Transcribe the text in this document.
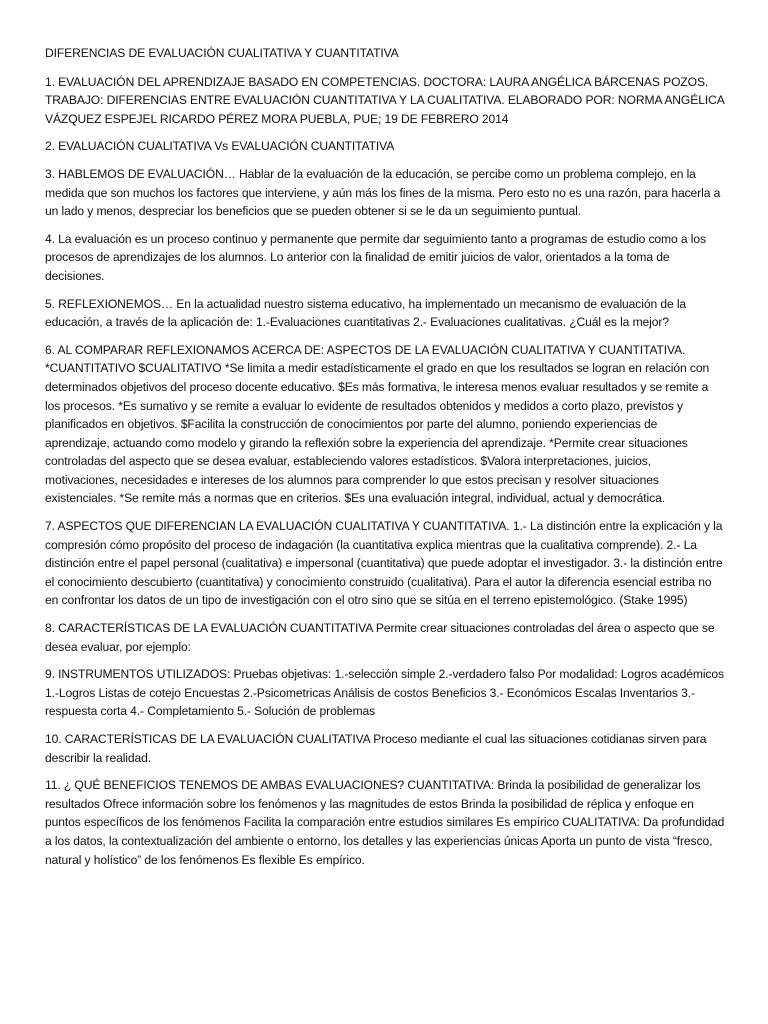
DIFERENCIAS DE EVALUACIÓN CUALITATIVA Y CUANTITATIVA

1. EVALUACIÓN DEL APRENDIZAJE BASADO EN COMPETENCIAS. DOCTORA: LAURA ANGÉLICA BÁRCENAS POZOS. TRABAJO: DIFERENCIAS ENTRE EVALUACIÓN CUANTITATIVA Y LA CUALITATIVA. ELABORADO POR: NORMA ANGÉLICA VÁZQUEZ ESPEJEL RICARDO PÉREZ MORA PUEBLA, PUE; 19 DE FEBRERO 2014

2. EVALUACIÓN CUALITATIVA Vs EVALUACIÓN CUANTITATIVA

3. HABLEMOS DE EVALUACIÓN… Hablar de la evaluación de la educación, se percibe como un problema complejo, en la medida que son muchos los factores que interviene, y aún más los fines de la misma. Pero esto no es una razón, para hacerla a un lado y menos, despreciar los beneficios que se pueden obtener si se le da un seguimiento puntual.

4. La evaluación es un proceso continuo y permanente que permite dar seguimiento tanto a programas de estudio como a los procesos de aprendizajes de los alumnos. Lo anterior con la finalidad de emitir juicios de valor, orientados a la toma de decisiones.

5. REFLEXIONEMOS… En la actualidad nuestro sistema educativo, ha implementado un mecanismo de evaluación de la educación, a través de la aplicación de: 1.-Evaluaciones cuantitativas 2.- Evaluaciones cualitativas. ¿Cuál es la mejor?

6. AL COMPARAR REFLEXIONAMOS ACERCA DE: ASPECTOS DE LA EVALUACIÓN CUALITATIVA Y CUANTITATIVA. *CUANTITATIVO $CUALITATIVO *Se limita a medir estadísticamente el grado en que los resultados se logran en relación con determinados objetivos del proceso docente educativo. $Es más formativa, le interesa menos evaluar resultados y se remite a los procesos. *Es sumativo y se remite a evaluar lo evidente de resultados obtenidos y medidos a corto plazo, previstos y planificados en objetivos. $Facilita la construcción de conocimientos por parte del alumno, poniendo experiencias de aprendizaje, actuando como modelo y girando la reflexión sobre la experiencia del aprendizaje. *Permite crear situaciones controladas del aspecto que se desea evaluar, estableciendo valores estadísticos. $Valora interpretaciones, juicios, motivaciones, necesidades e intereses de los alumnos para comprender lo que estos precisan y resolver situaciones existenciales. *Se remite más a normas que en criterios. $Es una evaluación integral, individual, actual y democrática.

7. ASPECTOS QUE DIFERENCIAN LA EVALUACIÓN CUALITATIVA Y CUANTITATIVA. 1.- La distinción entre la explicación y la compresión cómo propósito del proceso de indagación (la cuantitativa explica mientras que la cualitativa comprende). 2.- La distinción entre el papel personal (cualitativa) e impersonal (cuantitativa) que puede adoptar el investigador. 3.- la distinción entre el conocimiento descubierto (cuantitativa) y conocimiento construido (cualitativa). Para el autor la diferencia esencial estriba no en confrontar los datos de un tipo de investigación con el otro sino que se sitúa en el terreno epistemológico. (Stake 1995)

8. CARACTERÍSTICAS DE LA EVALUACIÓN CUANTITATIVA Permite crear situaciones controladas del área o aspecto que se desea evaluar, por ejemplo:

9. INSTRUMENTOS UTILIZADOS: Pruebas objetivas: 1.-selección simple 2.-verdadero falso Por modalidad: Logros académicos 1.-Logros Listas de cotejo Encuestas 2.-Psicometricas Análisis de costos Beneficios 3.- Económicos Escalas Inventarios 3.-respuesta corta 4.- Completamiento 5.- Solución de problemas

10. CARACTERÍSTICAS DE LA EVALUACIÓN CUALITATIVA Proceso mediante el cual las situaciones cotidianas sirven para describir la realidad.

11. ¿ QUÉ BENEFICIOS TENEMOS DE AMBAS EVALUACIONES? CUANTITATIVA: Brinda la posibilidad de generalizar los resultados Ofrece información sobre los fenómenos y las magnitudes de estos Brinda la posibilidad de réplica y enfoque en puntos específicos de los fenómenos Facilita la comparación entre estudios similares Es empírico CUALITATIVA: Da profundidad a los datos, la contextualización del ambiente o entorno, los detalles y las experiencias únicas Aporta un punto de vista “fresco, natural y holístico” de los fenómenos Es flexible Es empírico.
